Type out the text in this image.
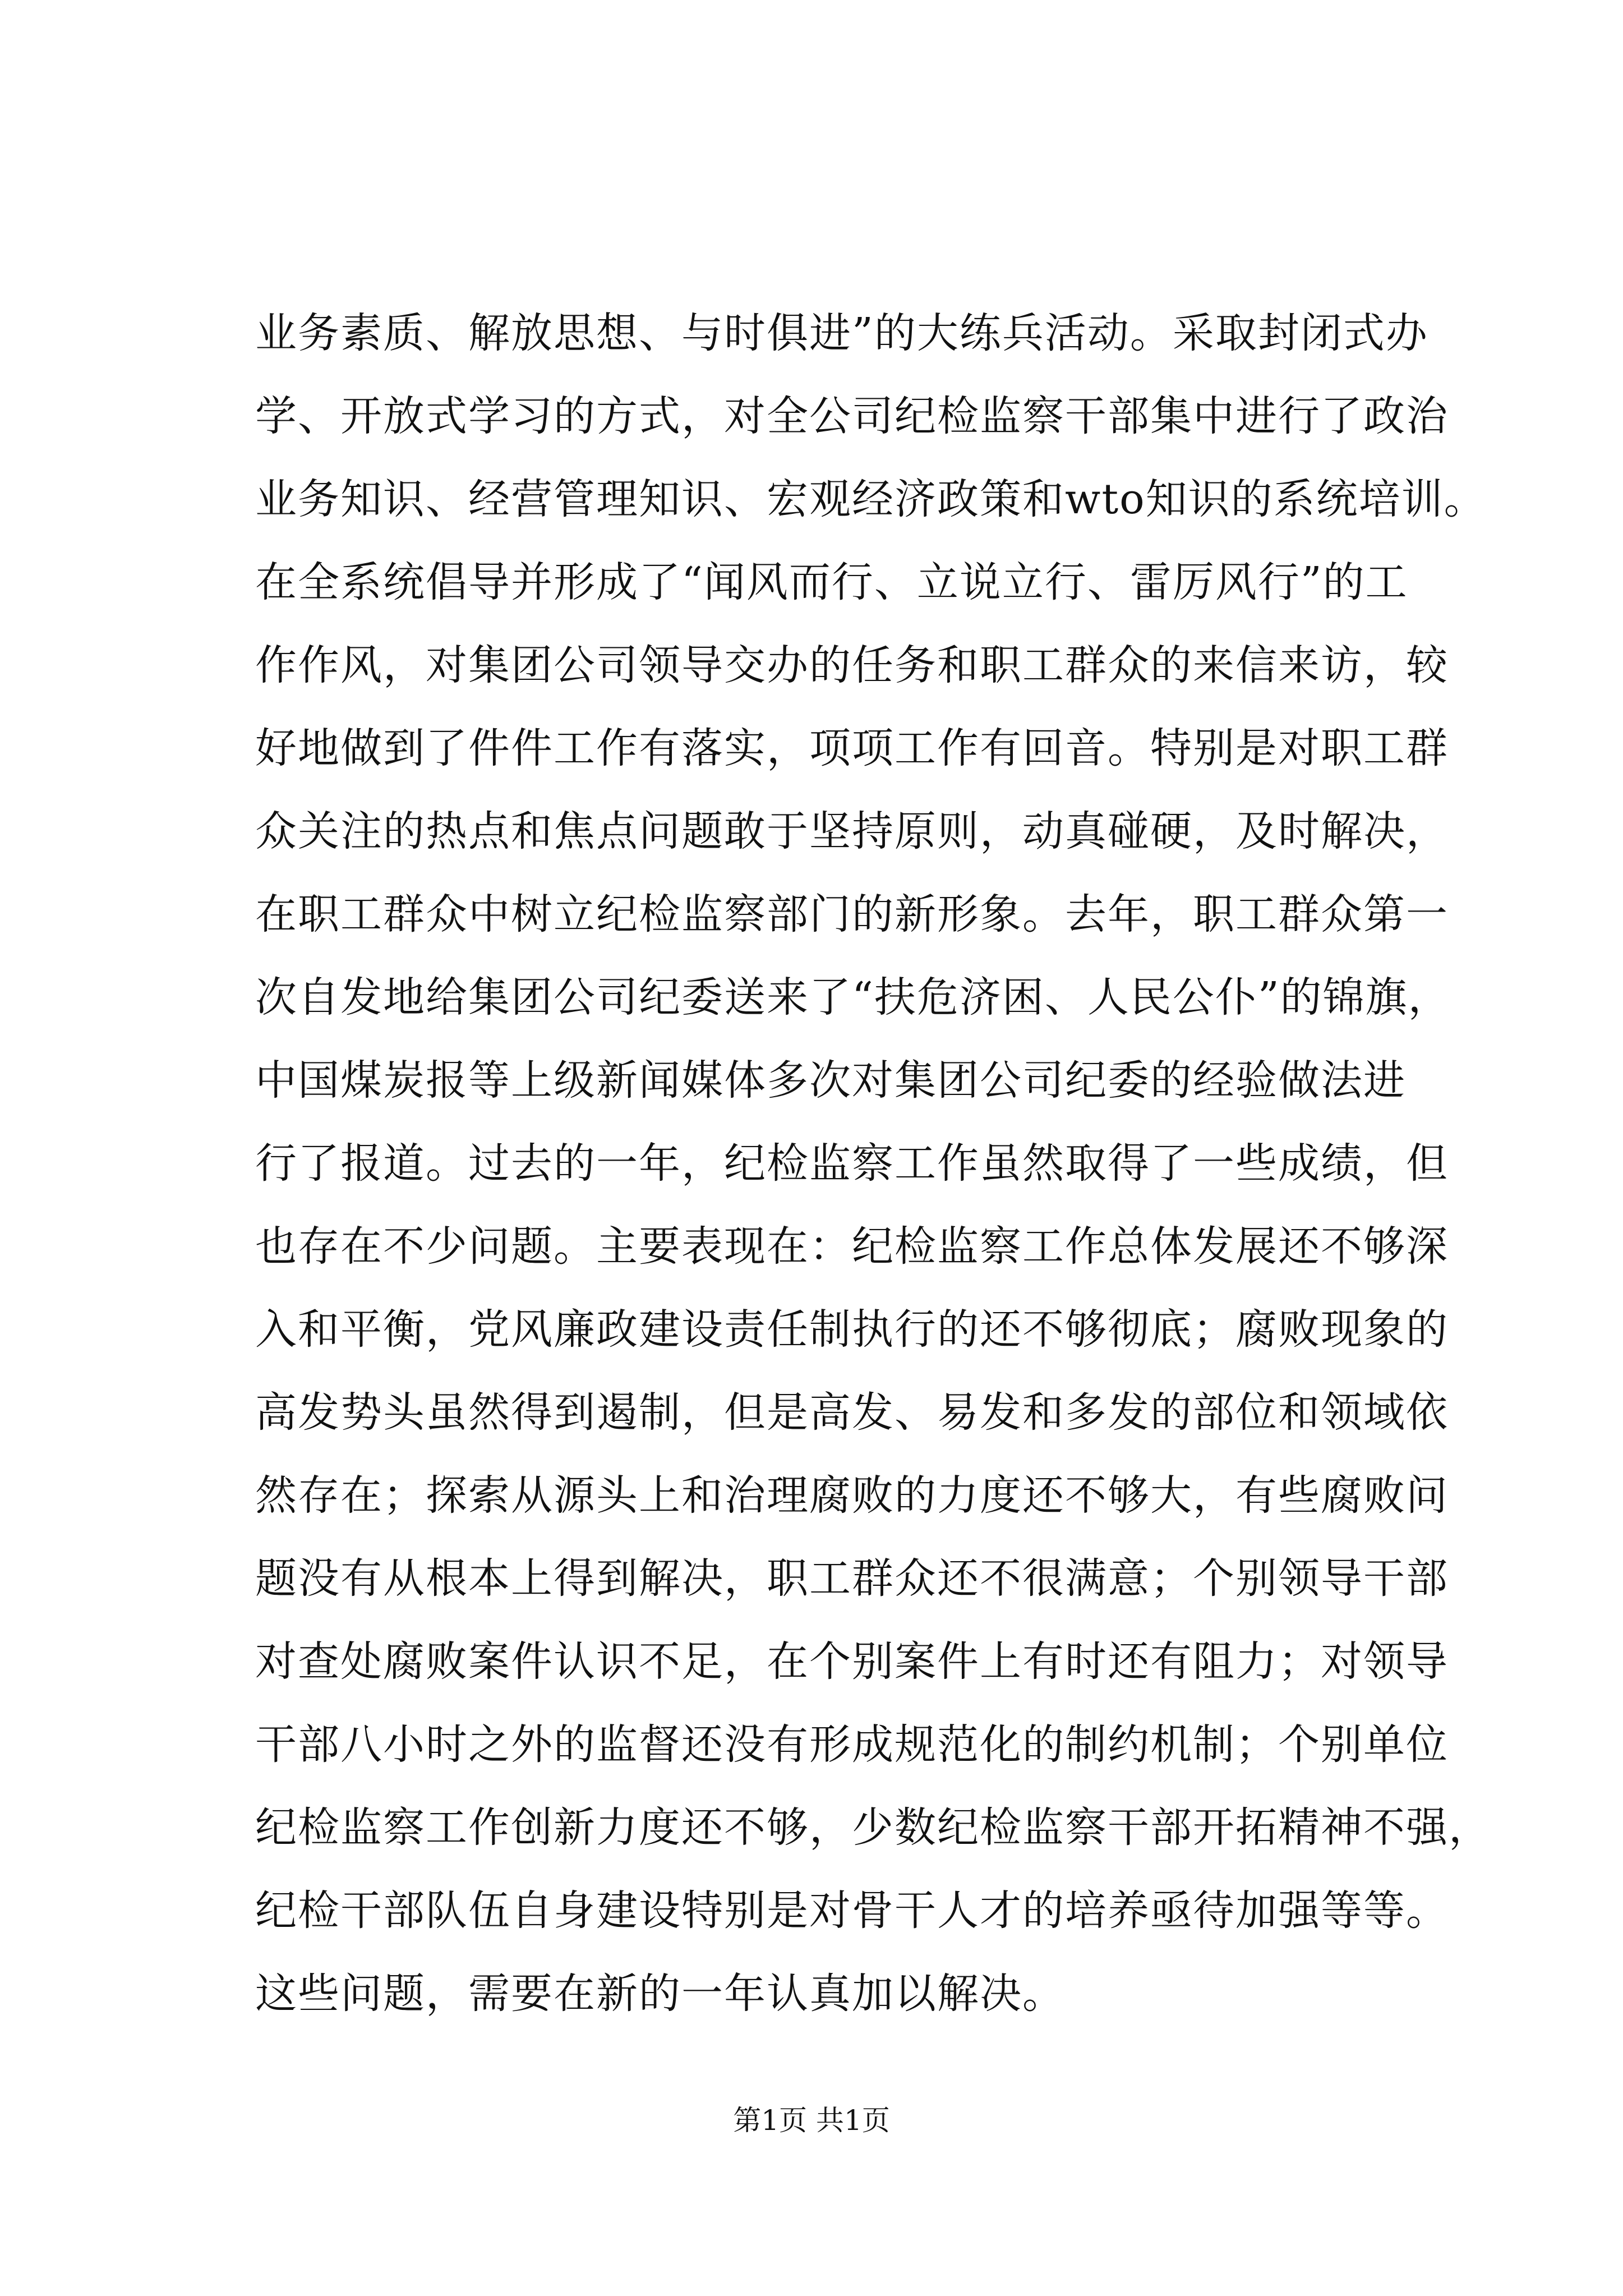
业务素质、解放思想、与时俱进”的大练兵活动。采取封闭式办
学、开放式学习的方式，对全公司纪检监察干部集中进行了政治
业务知识、经营管理知识、宏观经济政策和wto知识的系统培训。
在全系统倡导并形成了“闻风而行、立说立行、雷厉风行”的工
作作风，对集团公司领导交办的任务和职工群众的来信来访，较
好地做到了件件工作有落实，项项工作有回音。特别是对职工群
众关注的热点和焦点问题敢于坚持原则，动真碰硬，及时解决，
在职工群众中树立纪检监察部门的新形象。去年，职工群众第一
次自发地给集团公司纪委送来了“扶危济困、人民公仆”的锦旗，
中国煤炭报等上级新闻媒体多次对集团公司纪委的经验做法进
行了报道。过去的一年，纪检监察工作虽然取得了一些成绩，但
也存在不少问题。主要表现在：纪检监察工作总体发展还不够深
入和平衡，党风廉政建设责任制执行的还不够彻底；腐败现象的
高发势头虽然得到遏制，但是高发、易发和多发的部位和领域依
然存在；探索从源头上和治理腐败的力度还不够大，有些腐败问
题没有从根本上得到解决，职工群众还不很满意；个别领导干部
对查处腐败案件认识不足，在个别案件上有时还有阻力；对领导
干部八小时之外的监督还没有形成规范化的制约机制；个别单位
纪检监察工作创新力度还不够，少数纪检监察干部开拓精神不强，
纪检干部队伍自身建设特别是对骨干人才的培养亟待加强等等。
这些问题，需要在新的一年认真加以解决。
第1页 共1页
